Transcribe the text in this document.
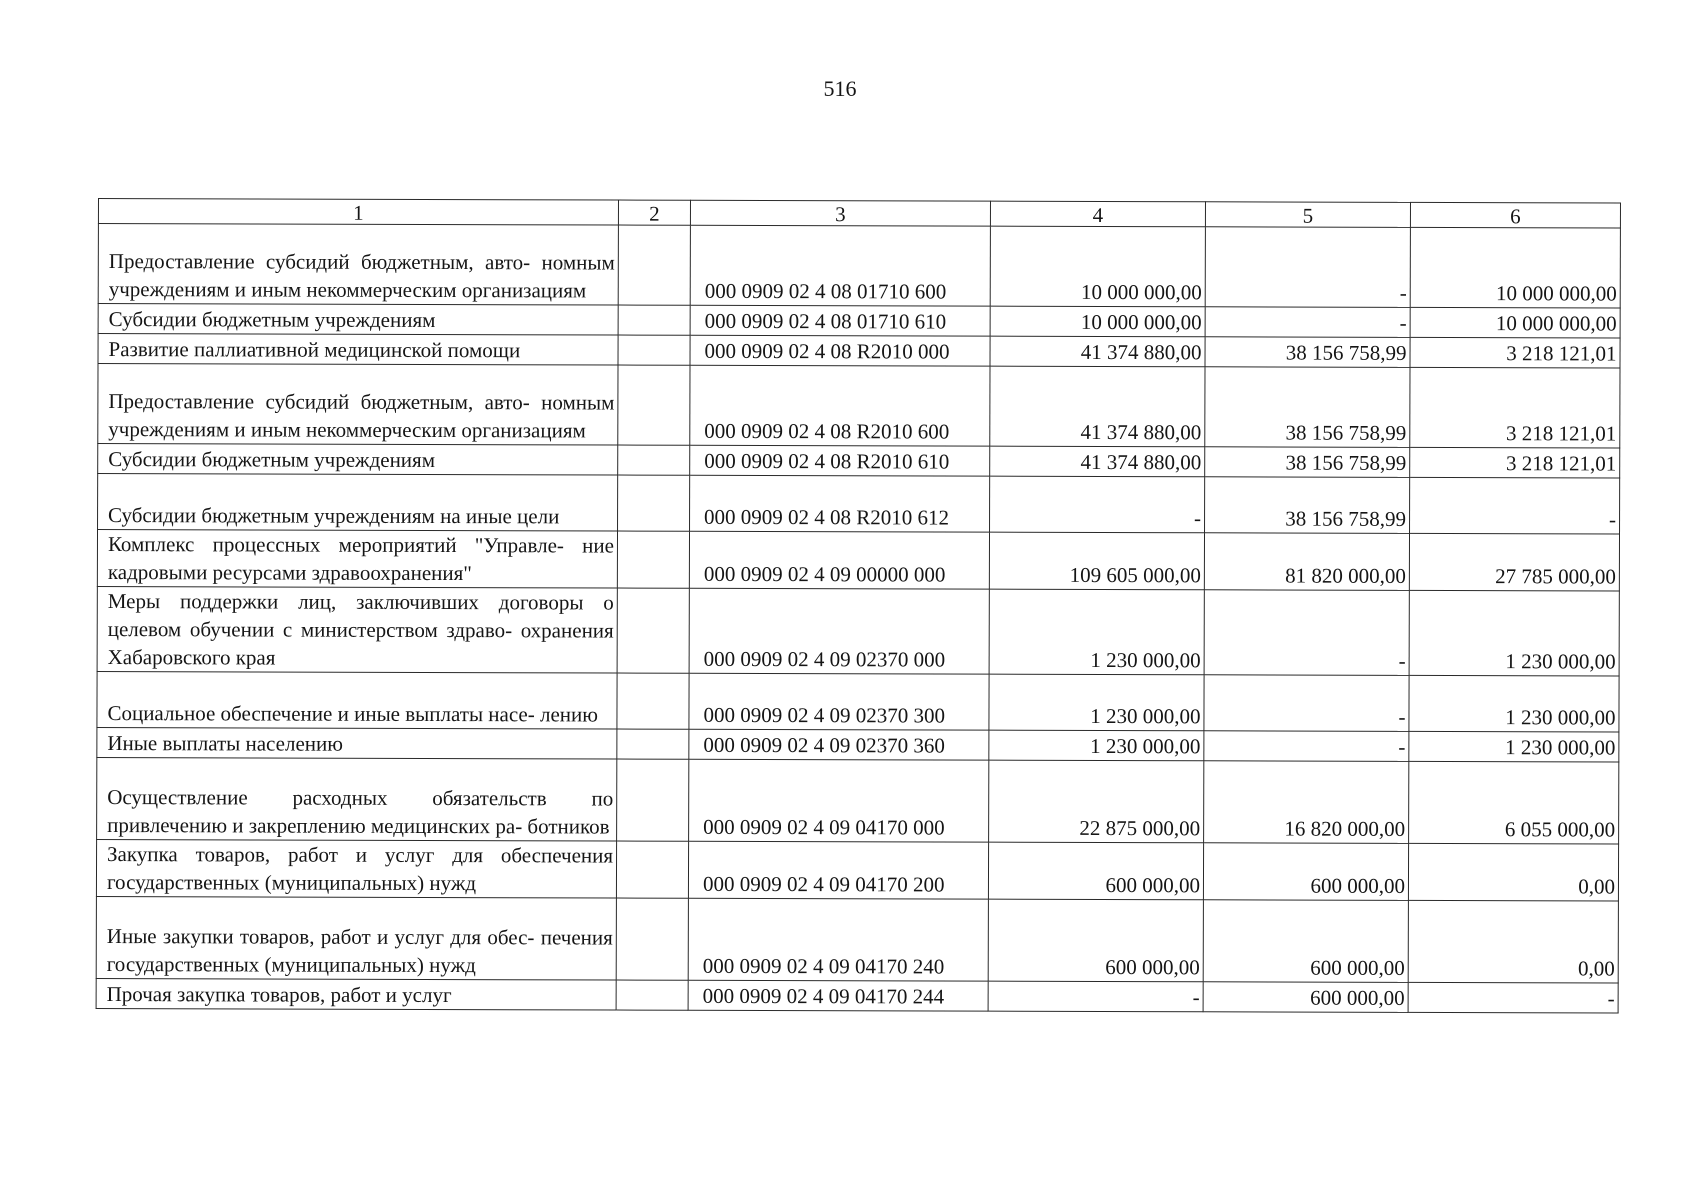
516
1	2	3	4	5	6
Предоставление субсидий бюджетным, авто- номным учреждениям и иным некоммерческим организациям		000 0909 02 4 08 01710 600	10 000 000,00	-	10 000 000,00
Субсидии бюджетным учреждениям		000 0909 02 4 08 01710 610	10 000 000,00	-	10 000 000,00
Развитие паллиативной медицинской помощи		000 0909 02 4 08 R2010 000	41 374 880,00	38 156 758,99	3 218 121,01
Предоставление субсидий бюджетным, авто- номным учреждениям и иным некоммерческим организациям		000 0909 02 4 08 R2010 600	41 374 880,00	38 156 758,99	3 218 121,01
Субсидии бюджетным учреждениям		000 0909 02 4 08 R2010 610	41 374 880,00	38 156 758,99	3 218 121,01
Субсидии бюджетным учреждениям на иные цели		000 0909 02 4 08 R2010 612	-	38 156 758,99	-
Комплекс процессных мероприятий "Управле- ние кадровыми ресурсами здравоохранения"		000 0909 02 4 09 00000 000	109 605 000,00	81 820 000,00	27 785 000,00
Меры поддержки лиц, заключивших договоры о целевом обучении с министерством здраво- охранения Хабаровского края		000 0909 02 4 09 02370 000	1 230 000,00	-	1 230 000,00
Социальное обеспечение и иные выплаты насе- лению		000 0909 02 4 09 02370 300	1 230 000,00	-	1 230 000,00
Иные выплаты населению		000 0909 02 4 09 02370 360	1 230 000,00	-	1 230 000,00
Осуществление расходных обязательств по привлечению и закреплению медицинских ра- ботников		000 0909 02 4 09 04170 000	22 875 000,00	16 820 000,00	6 055 000,00
Закупка товаров, работ и услуг для обеспечения государственных (муниципальных) нужд		000 0909 02 4 09 04170 200	600 000,00	600 000,00	0,00
Иные закупки товаров, работ и услуг для обес- печения государственных (муниципальных) нужд		000 0909 02 4 09 04170 240	600 000,00	600 000,00	0,00
Прочая закупка товаров, работ и услуг		000 0909 02 4 09 04170 244	-	600 000,00	-
